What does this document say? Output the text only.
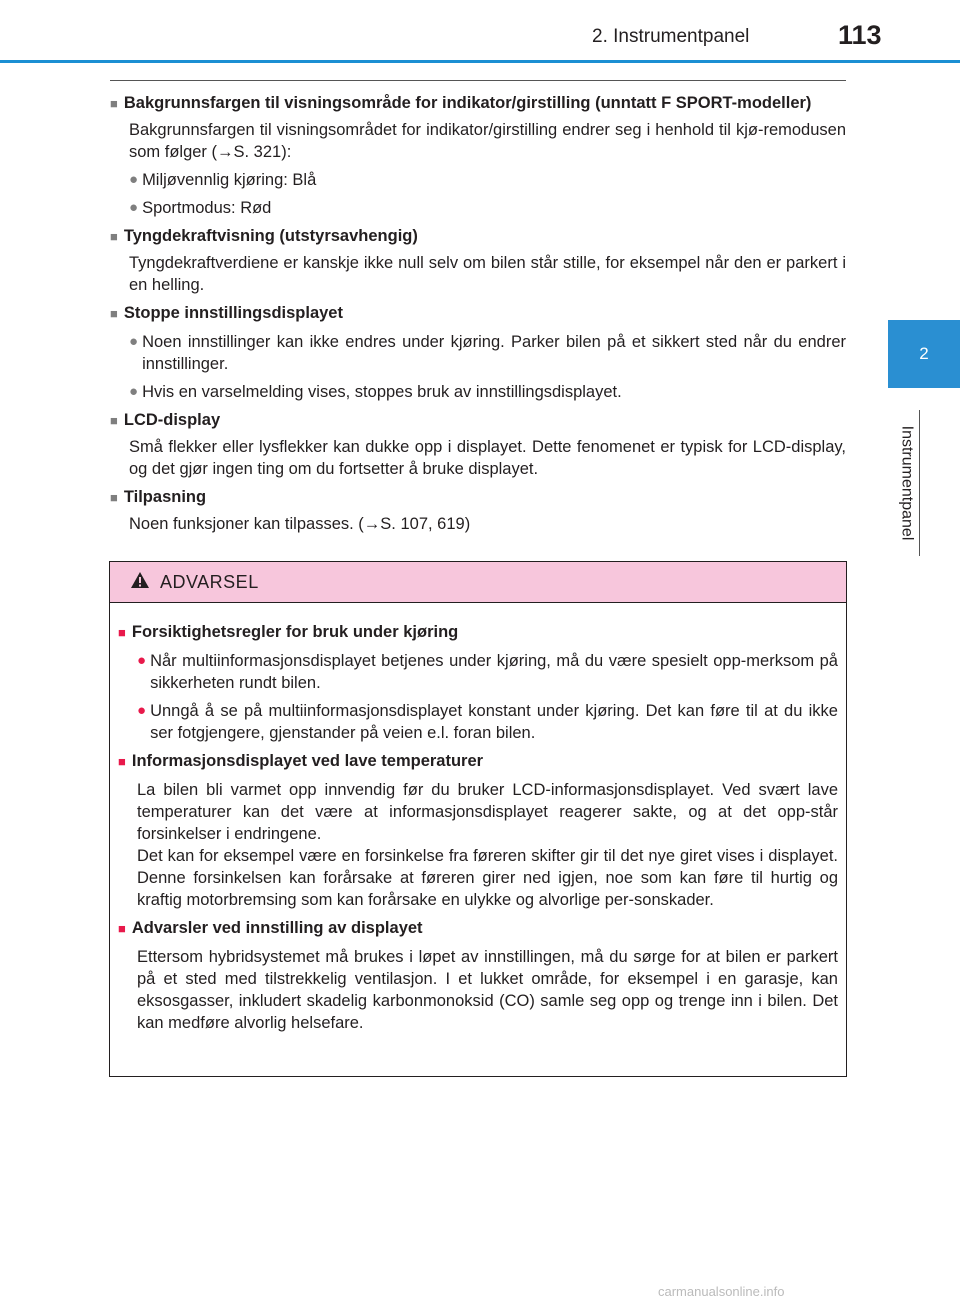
2. Instrumentpanel	113
2
Instrumentpanel
■ Bakgrunnsfargen til visningsområde for indikator/girstilling (unntatt F SPORT-modeller)
Bakgrunnsfargen til visningsområdet for indikator/girstilling endrer seg i henhold til kjø-remodusen som følger (→S. 321):
● Miljøvennlig kjøring: Blå
● Sportmodus: Rød
■ Tyngdekraftvisning (utstyrsavhengig)
Tyngdekraftverdiene er kanskje ikke null selv om bilen står stille, for eksempel når den er parkert i en helling.
■ Stoppe innstillingsdisplayet
● Noen innstillinger kan ikke endres under kjøring. Parker bilen på et sikkert sted når du endrer innstillinger.
● Hvis en varselmelding vises, stoppes bruk av innstillingsdisplayet.
■ LCD-display
Små flekker eller lysflekker kan dukke opp i displayet. Dette fenomenet er typisk for LCD-display, og det gjør ingen ting om du fortsetter å bruke displayet.
■ Tilpasning
Noen funksjoner kan tilpasses. (→S. 107, 619)
ADVARSEL
■ Forsiktighetsregler for bruk under kjøring
● Når multiinformasjonsdisplayet betjenes under kjøring, må du være spesielt opp-merksom på sikkerheten rundt bilen.
● Unngå å se på multiinformasjonsdisplayet konstant under kjøring. Det kan føre til at du ikke ser fotgjengere, gjenstander på veien e.l. foran bilen.
■ Informasjonsdisplayet ved lave temperaturer
La bilen bli varmet opp innvendig før du bruker LCD-informasjonsdisplayet. Ved svært lave temperaturer kan det være at informasjonsdisplayet reagerer sakte, og at det opp-står forsinkelser i endringene.
Det kan for eksempel være en forsinkelse fra føreren skifter gir til det nye giret vises i displayet. Denne forsinkelsen kan forårsake at føreren girer ned igjen, noe som kan føre til hurtig og kraftig motorbremsing som kan forårsake en ulykke og alvorlige per-sonskader.
■ Advarsler ved innstilling av displayet
Ettersom hybridsystemet må brukes i løpet av innstillingen, må du sørge for at bilen er parkert på et sted med tilstrekkelig ventilasjon. I et lukket område, for eksempel i en garasje, kan eksosgasser, inkludert skadelig karbonmonoksid (CO) samle seg opp og trenge inn i bilen. Det kan medføre alvorlig helsefare.
carmanualsonline.info
